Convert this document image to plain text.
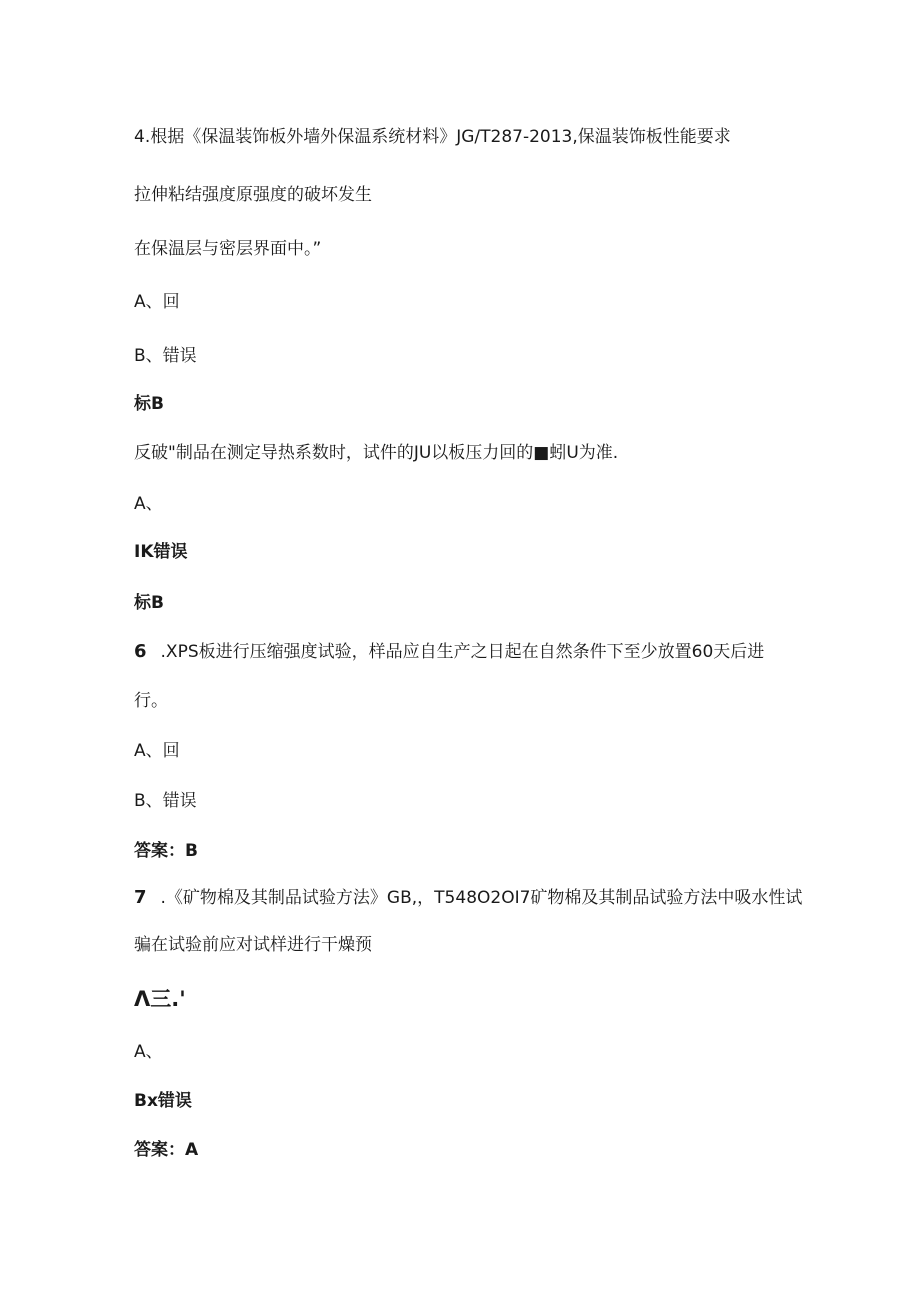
4.根据《保温装饰板外墙外保温系统材料》JG/T287-2013,保温装饰板性能要求
拉伸粘结强度原强度的破坏发生
在保温层与密层界面中。”
A、回
B、错误
标B
反破"制品在测定导热系数时，试件的JU以板压力回的■蚓U为准.
A、
IK错误
标B
6 .XPS板进行压缩强度试验，样品应自生产之日起在自然条件下至少放置60天后进
行。
A、回
B、错误
答案：B
7 .《矿物棉及其制品试验方法》GB,，T548O2OI7矿物棉及其制品试验方法中吸水性试
骗在试验前应对试样进行干燥预
Λ三.'
A、
Bx错误
答案：A
